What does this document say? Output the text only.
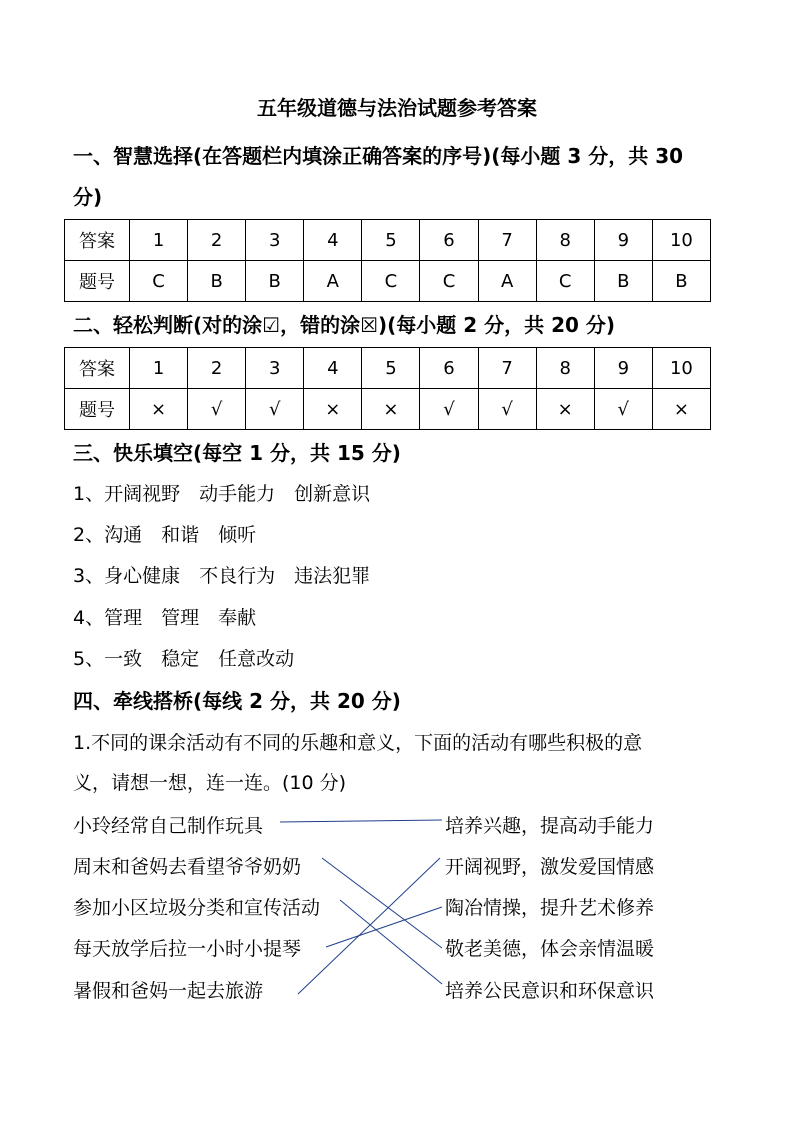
五年级道德与法治试题参考答案
一、智慧选择(在答题栏内填涂正确答案的序号)(每小题 3 分，共 30
分)
答案	1	2	3	4	5	6	7	8	9	10
题号	C	B	B	A	C	C	A	C	B	B
二、轻松判断(对的涂☑，错的涂☒)(每小题 2 分，共 20 分)
答案	1	2	3	4	5	6	7	8	9	10
题号	×	√	√	×	×	√	√	×	√	×
三、快乐填空(每空 1 分，共 15 分)
1、开阔视野　动手能力　创新意识
2、沟通　和谐　倾听
3、身心健康　不良行为　违法犯罪
4、管理　管理　奉献
5、一致　稳定　任意改动
四、牵线搭桥(每线 2 分，共 20 分)
1.不同的课余活动有不同的乐趣和意义，下面的活动有哪些积极的意
义，请想一想，连一连。(10 分)
小玲经常自己制作玩具
周末和爸妈去看望爷爷奶奶
参加小区垃圾分类和宣传活动
每天放学后拉一小时小提琴
暑假和爸妈一起去旅游
培养兴趣，提高动手能力
开阔视野，激发爱国情感
陶冶情操，提升艺术修养
敬老美德，体会亲情温暖
培养公民意识和环保意识
